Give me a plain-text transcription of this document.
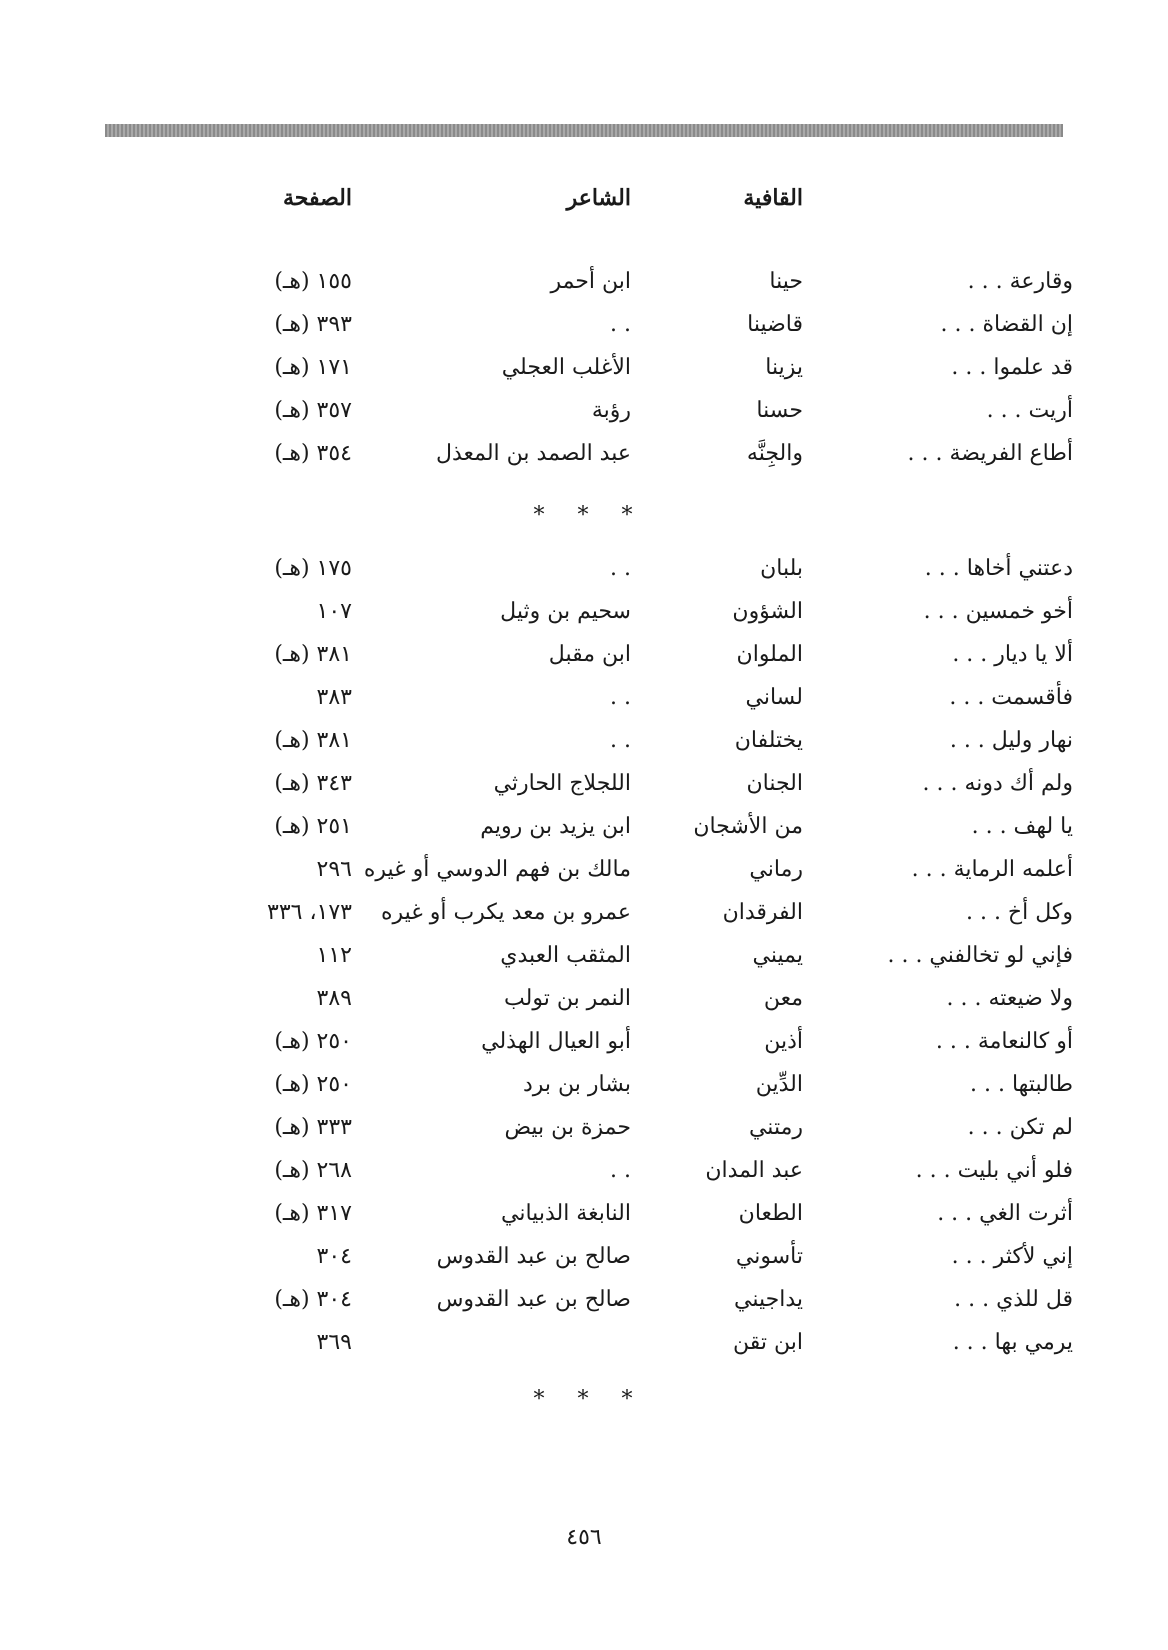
القافية
الشاعر
الصفحة
وقارعة . . .
حينا
ابن أحمر
١٥٥ (هـ)
إن القضاة . . .
قاضينا
. .
٣٩٣ (هـ)
قد علموا . . .
يزينا
الأغلب العجلي
١٧١ (هـ)
أريت . . .
حسنا
رؤبة
٣٥٧ (هـ)
أطاع الفريضة . . .
والجِنَّه
عبد الصمد بن المعذل
٣٥٤ (هـ)
* * *
دعتني أخاها . . .
بلبان
. .
١٧٥ (هـ)
أخو خمسين . . .
الشؤون
سحيم بن وثيل
١٠٧
ألا يا ديار . . .
الملوان
ابن مقبل
٣٨١ (هـ)
فأقسمت . . .
لساني
. .
٣٨٣
نهار وليل . . .
يختلفان
. .
٣٨١ (هـ)
ولم أك دونه . . .
الجنان
اللجلاج الحارثي
٣٤٣ (هـ)
يا لهف . . .
من الأشجان
ابن يزيد بن رويم
٢٥١ (هـ)
أعلمه الرماية . . .
رماني
مالك بن فهم الدوسي أو غيره
٢٩٦
وكل أخ . . .
الفرقدان
عمرو بن معد يكرب أو غيره
١٧٣، ٣٣٦
فإني لو تخالفني . . .
يميني
المثقب العبدي
١١٢
ولا ضيعته . . .
معن
النمر بن تولب
٣٨٩
أو كالنعامة . . .
أذين
أبو العيال الهذلي
٢٥٠ (هـ)
طالبتها . . .
الدِّين
بشار بن برد
٢٥٠ (هـ)
لم تكن . . .
رمتني
حمزة بن بيض
٣٣٣ (هـ)
فلو أني بليت . . .
عبد المدان
. .
٢٦٨ (هـ)
أثرت الغي . . .
الطعان
النابغة الذبياني
٣١٧ (هـ)
إني لأكثر . . .
تأسوني
صالح بن عبد القدوس
٣٠٤
قل للذي . . .
يداجيني
صالح بن عبد القدوس
٣٠٤ (هـ)
يرمي بها . . .
ابن تقن
٣٦٩
* * *
٤٥٦
